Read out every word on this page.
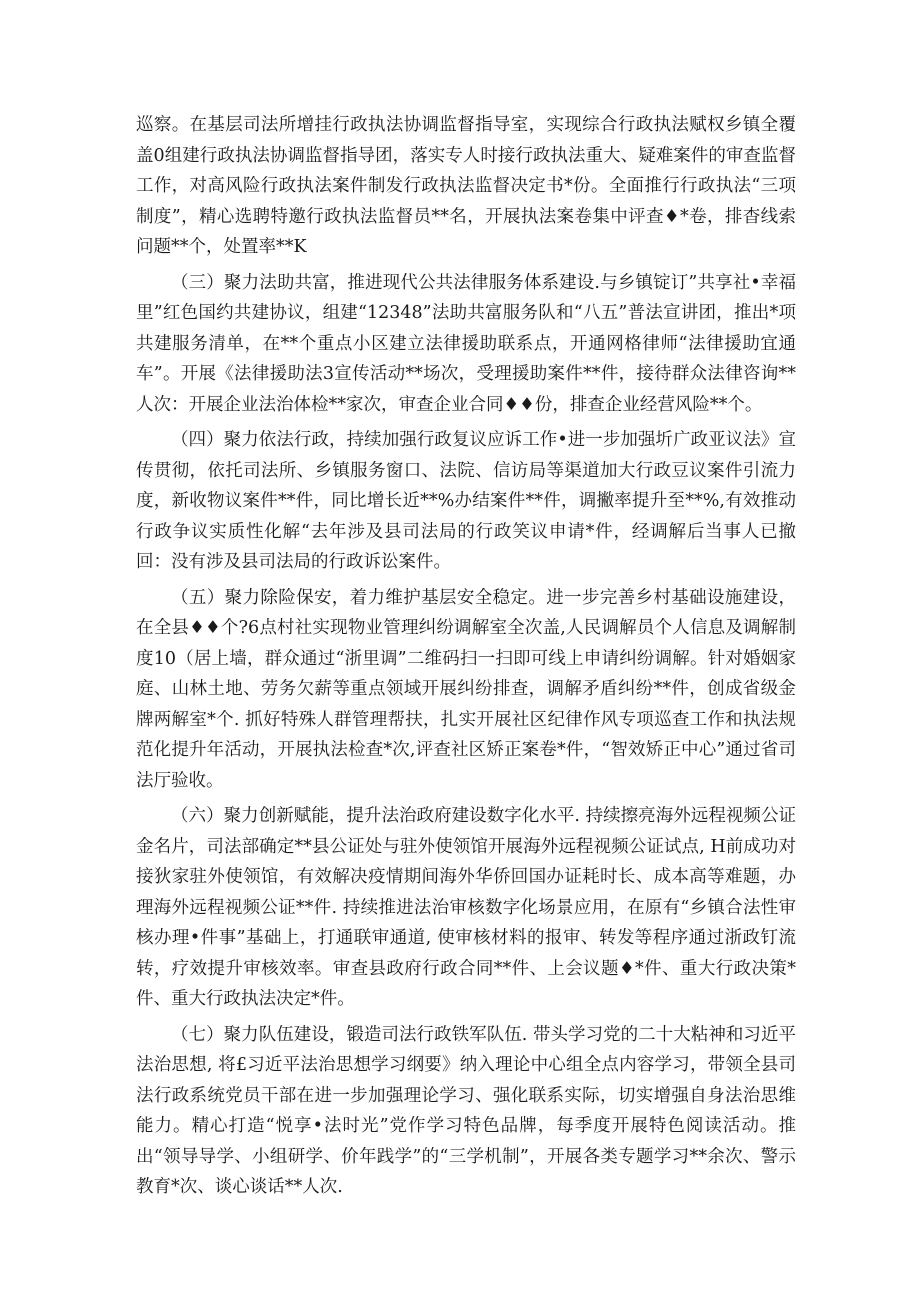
巡察。在基层司法所增挂行政执法协调监督指导室，实现综合行政执法赋权乡镇全覆盖0组建行政执法协调监督指导团，落实专人时接行政执法重大、疑难案件的审查监督工作，对高风险行政执法案件制发行政执法监督决定书*份。全面推行行政执法“三项制度”，精心选聘特邀行政执法监督员**名，开展执法案卷集中评查♦*卷，排杳线索问题**个，处置率**K

（三）聚力法助共富，推进现代公共法律服务体系建设.与乡镇锭订”共享社•幸福里”红色国约共建协议，组建“12348”法助共富服务队和“八五”普法宣讲团，推出*项共建服务清单，在**个重点小区建立法律援助联系点，开通网格律师“法律援助宜通车”。开展《法律援助法3宣传活动**场次，受理援助案件**件，接待群众法律咨询**人次：开展企业法治体检**家次，审查企业合同♦♦份，排查企业经营风险**个。

（四）聚力依法行政，持续加强行政复议应诉工作•进一步加强圻广政亚议法》宣传贯彻，依托司法所、乡镇服务窗口、法院、信访局等渠道加大行政豆议案件引流力度，新收物议案件**件，同比增长近**%办结案件**件，调撇率提升至**%,有效推动行政争议实质性化解“去年涉及县司法局的行政笑议申请*件，经调解后当事人已撤回：没有涉及县司法局的行政诉讼案件。

（五）聚力除险保安，着力维护基层安全稳定。进一步完善乡村基础设施建设，在全县♦♦个?6点村社实现物业管理纠纷调解室全次盖,人民调解员个人信息及调解制度10（居上墙，群众通过“浙里调”二维码扫一扫即可线上申请纠纷调解。针对婚姻家庭、山林土地、劳务欠薪等重点领域开展纠纷排查，调解矛盾纠纷**件，创成省级金牌两解室*个. 抓好特殊人群管理帮扶，扎实开展社区纪律作风专项巡查工作和执法规范化提升年活动，开展执法检查*次,评查社区矫正案卷*件，“智效矫正中心”通过省司法厅验收。

（六）聚力创新赋能，提升法治政府建设数字化水平. 持续擦亮海外远程视频公证金名片，司法部确定**县公证处与驻外使领馆开展海外远程视频公证试点, H前成功对接狄家驻外使领馆，有效解决疫情期间海外华侨回国办证耗时长、成本高等难题，办理海外远程视频公证**件. 持续推进法治审核数字化场景应用，在原有“乡镇合法性审核办理•件事”基础上，打通联审通道, 使审核材料的报审、转发等程序通过浙政钉流转，疗效提升审核效率。审查县政府行政合同**件、上会议题♦*件、重大行政决策*件、重大行政执法决定*件。

（七）聚力队伍建设，锻造司法行政铁军队伍. 带头学习党的二十大粘神和习近平法治思想, 将£习近平法治思想学习纲要》纳入理论中心组全点内容学习，带领全县司法行政系统党员干部在进一步加强理论学习、强化联系实际，切实增强自身法治思维能力。精心打造“悦享•法时光”党作学习特色品牌，每季度开展特色阅读活动。推出“领导导学、小组研学、价年践学”的“三学机制”，开展各类专题学习**余次、警示教育*次、谈心谈话**人次.
